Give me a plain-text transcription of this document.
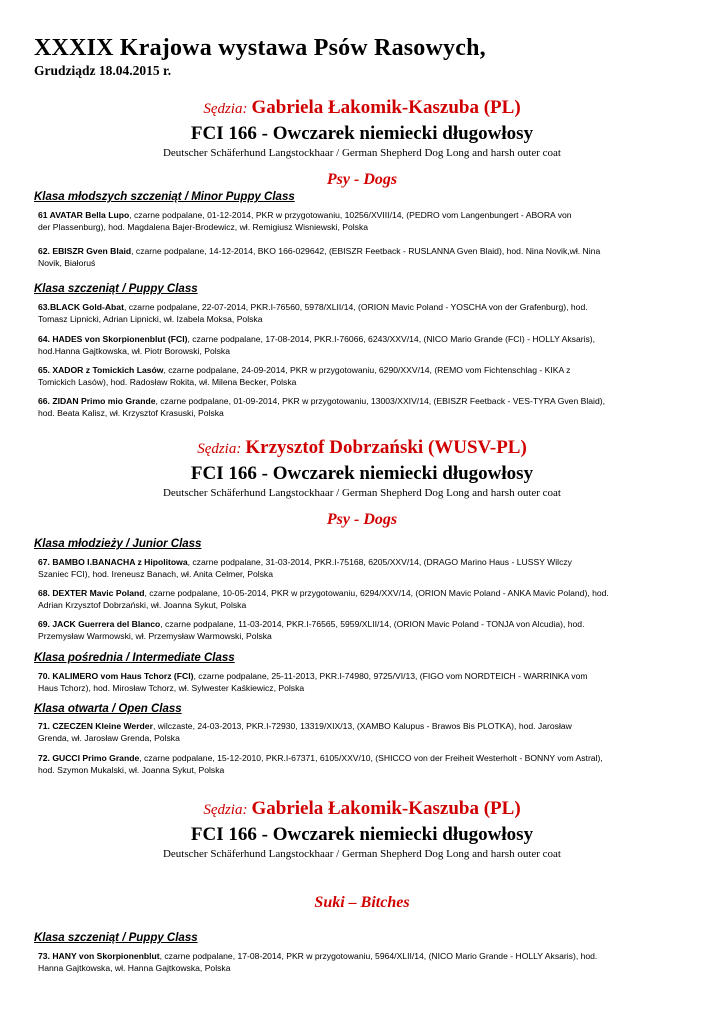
XXXIX Krajowa wystawa Psów Rasowych,
Grudziądz 18.04.2015 r.
Sędzia: Gabriela Łakomik-Kaszuba (PL)
FCI 166 - Owczarek niemiecki długowłosy
Deutscher Schäferhund Langstockhaar / German Shepherd Dog Long and harsh outer coat
Psy - Dogs
Klasa młodszych szczeniąt / Minor Puppy Class
61 AVATAR Bella Lupo, czarne podpalane, 01-12-2014, PKR w przygotowaniu, 10256/XVIII/14, (PEDRO vom Langenbungert - ABORA von
der Plassenburg), hod. Magdalena Bajer-Brodewicz, wł. Remigiusz Wisniewski, Polska
62. EBISZR Gven Blaid, czarne podpalane, 14-12-2014, BKO 166-029642, (EBISZR Feetback - RUSLANNA Gven Blaid), hod. Nina Novik,wł. Nina
Novik, Białoruś
Klasa szczeniąt / Puppy Class
63.BLACK Gold-Abat, czarne podpalane, 22-07-2014, PKR.I-76560, 5978/XLII/14, (ORION Mavic Poland - YOSCHA von der Grafenburg), hod.
Tomasz Lipnicki, Adrian Lipnicki, wł. Izabela Moksa, Polska
64. HADES von Skorpionenblut (FCI), czarne podpalane, 17-08-2014, PKR.I-76066, 6243/XXV/14, (NICO Mario Grande (FCI) - HOLLY Aksaris),
hod.Hanna Gajtkowska, wł. Piotr Borowski, Polska
65. XADOR z Tomickich Lasów, czarne podpalane, 24-09-2014, PKR w przygotowaniu, 6290/XXV/14, (REMO vom Fichtenschlag - KIKA z
Tomickich Lasów), hod. Radosław Rokita, wł. Milena Becker, Polska
66. ZIDAN Primo mio Grande, czarne podpalane, 01-09-2014, PKR w przygotowaniu, 13003/XXIV/14, (EBISZR Feetback - VES-TYRA Gven Blaid),
hod. Beata Kalisz, wł. Krzysztof Krasuski, Polska
Sędzia: Krzysztof Dobrzański (WUSV-PL)
FCI 166 - Owczarek niemiecki długowłosy
Deutscher Schäferhund Langstockhaar / German Shepherd Dog Long and harsh outer coat
Psy - Dogs
Klasa młodzieży / Junior Class
67. BAMBO I.BANACHA z Hipolitowa, czarne podpalane, 31-03-2014, PKR.I-75168, 6205/XXV/14, (DRAGO Marino Haus - LUSSY Wilczy
Szaniec FCI), hod. Ireneusz Banach, wł. Anita Celmer, Polska
68. DEXTER Mavic Poland, czarne podpalane, 10-05-2014, PKR w przygotowaniu, 6294/XXV/14, (ORION Mavic Poland - ANKA Mavic Poland), hod.
Adrian Krzysztof Dobrzański, wł. Joanna Sykut, Polska
69. JACK Guerrera del Blanco, czarne podpalane, 11-03-2014, PKR.I-76565, 5959/XLII/14, (ORION Mavic Poland - TONJA von Alcudia), hod.
Przemysław Warmowski, wł. Przemysław Warmowski, Polska
Klasa pośrednia / Intermediate Class
70. KALIMERO vom Haus Tchorz (FCI), czarne podpalane, 25-11-2013, PKR.I-74980, 9725/VI/13, (FIGO vom NORDTEICH - WARRINKA vom
Haus Tchorz), hod. Mirosław Tchorz, wł. Sylwester Kaśkiewicz, Polska
Klasa otwarta / Open Class
71. CZECZEN Kleine Werder, wilczaste, 24-03-2013, PKR.I-72930, 13319/XIX/13, (XAMBO Kalupus - Brawos Bis PLOTKA), hod. Jarosław
Grenda, wł. Jarosław Grenda, Polska
72. GUCCI Primo Grande, czarne podpalane, 15-12-2010, PKR.I-67371, 6105/XXV/10, (SHICCO von der Freiheit Westerholt - BONNY vom Astral),
hod. Szymon Mukalski, wł. Joanna Sykut, Polska
Sędzia: Gabriela Łakomik-Kaszuba (PL)
FCI 166 - Owczarek niemiecki długowłosy
Deutscher Schäferhund Langstockhaar / German Shepherd Dog Long and harsh outer coat
Suki – Bitches
Klasa szczeniąt / Puppy Class
73. HANY von Skorpionenblut, czarne podpalane, 17-08-2014, PKR w przygotowaniu, 5964/XLII/14, (NICO Mario Grande - HOLLY Aksaris), hod.
Hanna Gajtkowska, wł. Hanna Gajtkowska, Polska
